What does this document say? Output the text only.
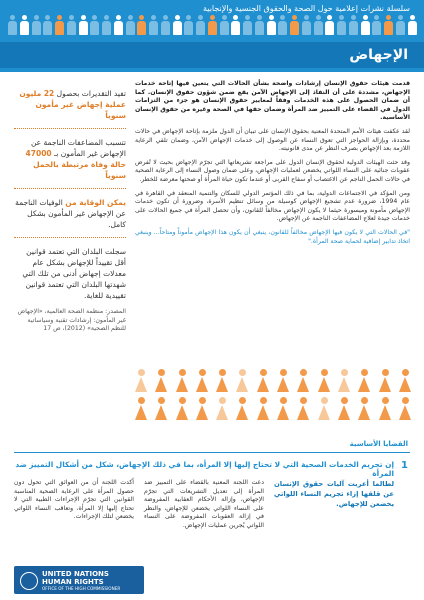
سلسلة نشرات إعلامية حول الصحة والحقوق الجنسية والإنجابية
الإجهاض
تفيد التقديرات بحصول 22 مليون عملية إجهاض غير مأمون سنوياً
تتسبب المضاعفات الناجمة عن الإجهاض غير المأمون بـ 47000 حالة وفاة مرتبطة بالحمل سنوياً
يمكن الوقاية من الوفيات الناجمة عن الإجهاض غير المأمون بشكل كامل.
سجلت البلدان التي تعتمد قوانين أقل تقييداً للإجهاض بشكل عام معدلات إجهاض أدنى من تلك التي شهدتها البلدان التي تعتمد قوانين تقييدية للغاية.
المصدر: منظمة الصحة العالمية، «الإجهاض غير المأمون: إرشادات تقنية وسياساتية للنظم الصحية» (2012)، ص 17

قدمت هيئات حقوق الإنسان إرشادات واضحة بشأن الحالات التي يتعين فيها إتاحة خدمات الإجهاض، مشددة على أن النفاذ إلى الإجهاض الآمن يقع ضمن شؤون حقوق الإنسان. كما أن ضمان الحصول على هذه الخدمات وفقاً لمعايير حقوق الإنسان هو جزء من التزامات الدول في القضاء على التمييز ضد المرأة وضمان حقها في الصحة وغيره من حقوق الإنسان الأساسية.

لقد عكفت هيئات الأمم المتحدة المعنية بحقوق الإنسان على تبيان أن الدول ملزمة بإتاحة الإجهاض في حالات محددة، وبإزالة الحواجز التي تعوق النساء عن الوصول إلى خدمات الإجهاض الآمن، وضمان تلقي الرعاية اللازمة بعد الإجهاض بصرف النظر عن مدى قانونيته.

وقد حثت الهيئات الدولية لحقوق الإنسان الدول على مراجعة تشريعاتها التي تجرّم الإجهاض بحيث لا تُفرض عقوبات جنائية على النساء اللواتي يخضعن لعمليات الإجهاض، وعلى ضمان وصول النساء إلى الرعاية الصحية في حالات الحمل الناجم عن الاغتصاب أو سفاح القربى أو عندما تكون حياة المرأة أو صحتها معرضة للخطر.

ومن المؤكد في الاجتماعات الدولية، بما في ذلك المؤتمر الدولي للسكان والتنمية المنعقد في القاهرة في عام 1994، ضرورة عدم تشجيع الإجهاض كوسيلة من وسائل تنظيم الأسرة، وضرورة أن تكون خدمات الإجهاض مأمونة وميسورة حيثما لا يكون الإجهاض مخالفاً للقانون، وأن تحصل المرأة في جميع الحالات على خدمات جيدة لعلاج المضاعفات الناجمة عن الإجهاض.

"في الحالات التي لا يكون فيها الإجهاض مخالفاً للقانون، ينبغي أن يكون هذا الإجهاض مأموناً ومتاحاً... وينبغي اتخاذ تدابير إضافية لحماية صحة المرأة."

القضايا الأساسية
1
إن تجريم الخدمات الصحية التي لا تحتاج إليها إلا المرأة، بما في ذلك الإجهاض، شكل من أشكال التمييز ضد المرأة
لطالما أعربت آليات حقوق الإنسان عن قلقها إزاء تجريم النساء اللواتي يخضعن للإجهاض.
دعت اللجنة المعنية بالقضاء على التمييز ضد المرأة إلى تعديل التشريعات التي تجرّم الإجهاض، وإزالة الأحكام العقابية المفروضة على النساء اللواتي يخضعن للإجهاض، والنظر في إزالة العقوبات المفروضة على النساء اللواتي يُجرين عمليات الإجهاض.
أكدت اللجنة أن من العوائق التي تحول دون حصول المرأة على الرعاية الصحية المناسبة القوانين التي تجرّم الإجراءات الطبية التي لا تحتاج إليها إلا المرأة، وتعاقب النساء اللواتي يخضعن لتلك الإجراءات.
UNITED NATIONS
HUMAN RIGHTS
OFFICE OF THE HIGH COMMISSIONER
